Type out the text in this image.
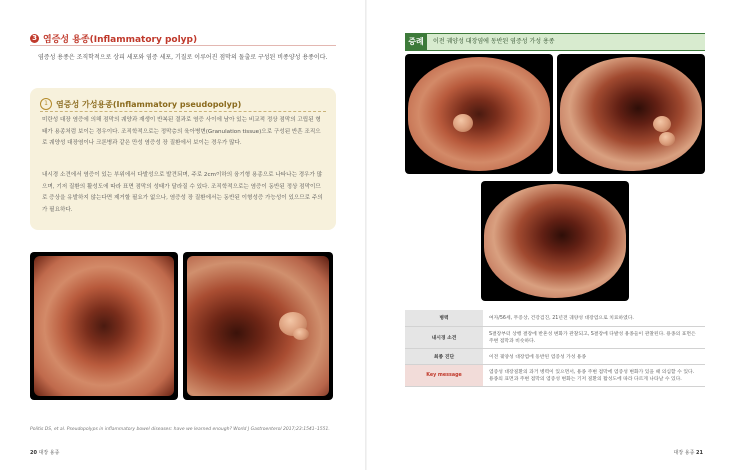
3 염증성 용종(Inflammatory polyp)
염증성 용종은 조직학적으로 상피 세포와 염증 세포, 기질로 이루어진 점막의 돌출로 구성된 비종양성 용종이다.
1	염증성 가성용종(Inflammatory pseudopolyp)

미란성 대장 염증에 의해 점막의 궤양과 재생이 반복된 결과로 염증 사이에 남아 있는 비교적 정상 점막의 고립된 형태가 용종처럼 보이는 경우이다. 조직학적으로는 정막층의 육아병변(Granulation tissue)으로 구성된 반흔 조직으로 궤양성 대장염이나 크론병과 같은 만성 염증성 장 질환에서 보이는 경우가 많다.

내시경 소견에서 염증이 있는 부위에서 다발성으로 발견되며, 주로 2cm이하의 융기형 용종으로 나타나는 경우가 많으며, 기저 질환의 활성도에 따라 표면 점막의 성태가 달라질 수 있다. 조직학적으로는 염증이 동반된 정상 점막이므로 증상을 유발하지 않는다면 제거할 필요가 없으나, 염증성 장 질환에서는 동반된 이형성증 가능성이 있으므로 주의가 필요하다.

Politis DS, et al. Pseudopolyps in inflammatory bowel diseases: have we learned enough? World J Gastroenterol 2017;23:1541–1551.
20 대장 용종
증례	이전 궤양성 대장염에 동반된 염증성 가성 용종
병력	여자/56세, 무증상, 건강검진, 21년전 궤양성 대장염으로 치료하였다.
내시경 소견	S결장부터 상행 결장에 반흔성 변화가 관찰되고, S결장에 다발성 용종들이 관찰된다. 용종의 표면은 주변 점막과 비슷하다.
최종 진단	이전 궤양성 대장염에 동반된 염증성 가성 용종
Key message	염증성 대장질환의 과거 병력이 있으면서, 용종 주변 점막에 염증성 변화가 있을 때 의심할 수 있다. 용종의 표면과 주변 점막의 염증성 변화는 기저 질환의 활성도에 따라 다르게 나타날 수 있다.
대장 용종 21
